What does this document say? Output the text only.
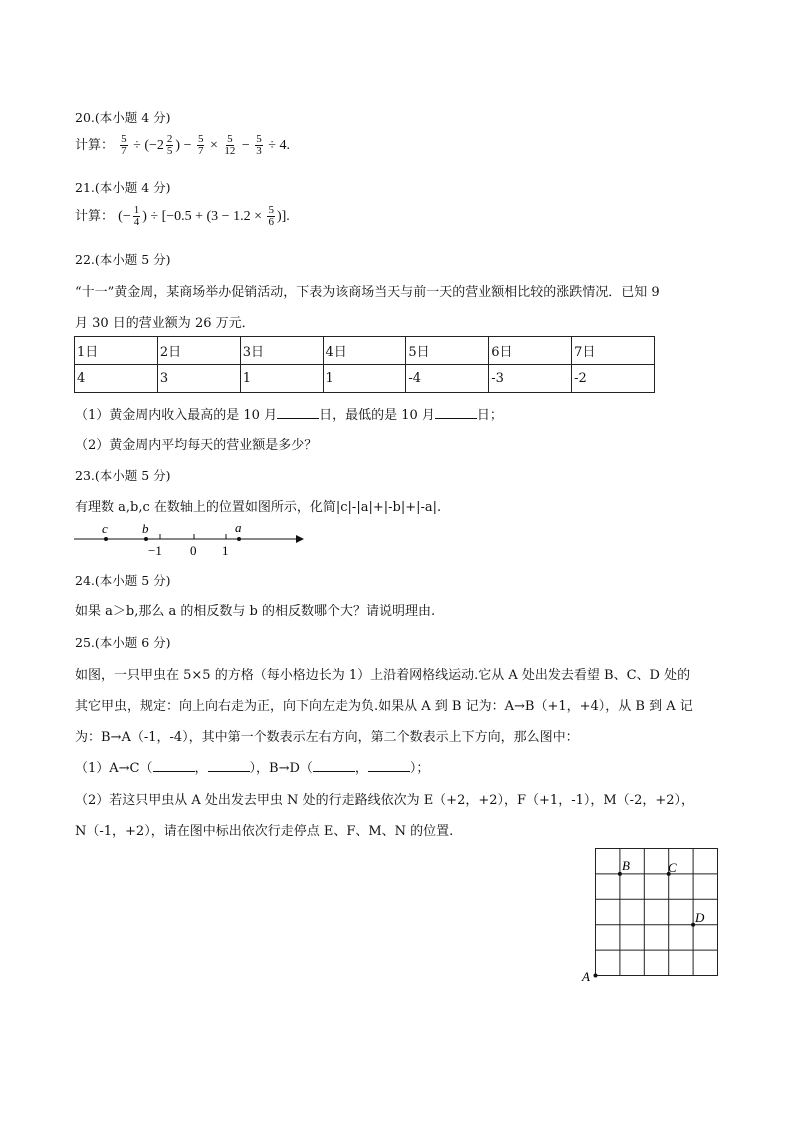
20.(本小题 4 分)
计算： $\frac{5}{7} \div (-2 \frac{2}{5}$ ) − $\frac{5}{7} \times \frac{5}{12} - \frac{5}{3} \div 4$.
21.(本小题 4 分)
计算： (− $\frac{1}{4}$ ) ÷ [$-0.5 + (3 - 1.2 \times \frac{5}{6}$ )].
22.(本小题 5 分)
“十一”黄金周，某商场举办促销活动，下表为该商场当天与前一天的营业额相比较的涨跌情况．已知 9
月 30 日的营业额为 26 万元．
1日	2日	3日	4日	5日	6日	7日
4	3	1	1	-4	-3	-2
（1）黄金周内收入最高的是 10 月	日，最低的是 10 月	日；
（2）黄金周内平均每天的营业额是多少？
23.(本小题 5 分)
有理数 a,b,c 在数轴上的位置如图所示，化简|c|-|a|+|-b|+|-a|.
c	b	a
−1 0 1
24.(本小题 5 分)
如果 a＞b,那么 a 的相反数与 b 的相反数哪个大？请说明理由.
25.(本小题 6 分)
如图，一只甲虫在 5×5 的方格（每小格边长为 1）上沿着网格线运动.它从 A 处出发去看望 B、C、D 处的
其它甲虫，规定：向上向右走为正，向下向左走为负.如果从 A 到 B 记为：A→B（+1，+4），从 B 到 A 记
为：B→A（-1，-4），其中第一个数表示左右方向，第二个数表示上下方向，那么图中：
（1）A→C（	，	），B→D（	，	）；
（2）若这只甲虫从 A 处出发去甲虫 N 处的行走路线依次为 E（+2，+2），F（+1，-1），M（-2，+2），
N（-1，+2），请在图中标出依次行走停点 E、F、M、N 的位置.
A
B	C
D
